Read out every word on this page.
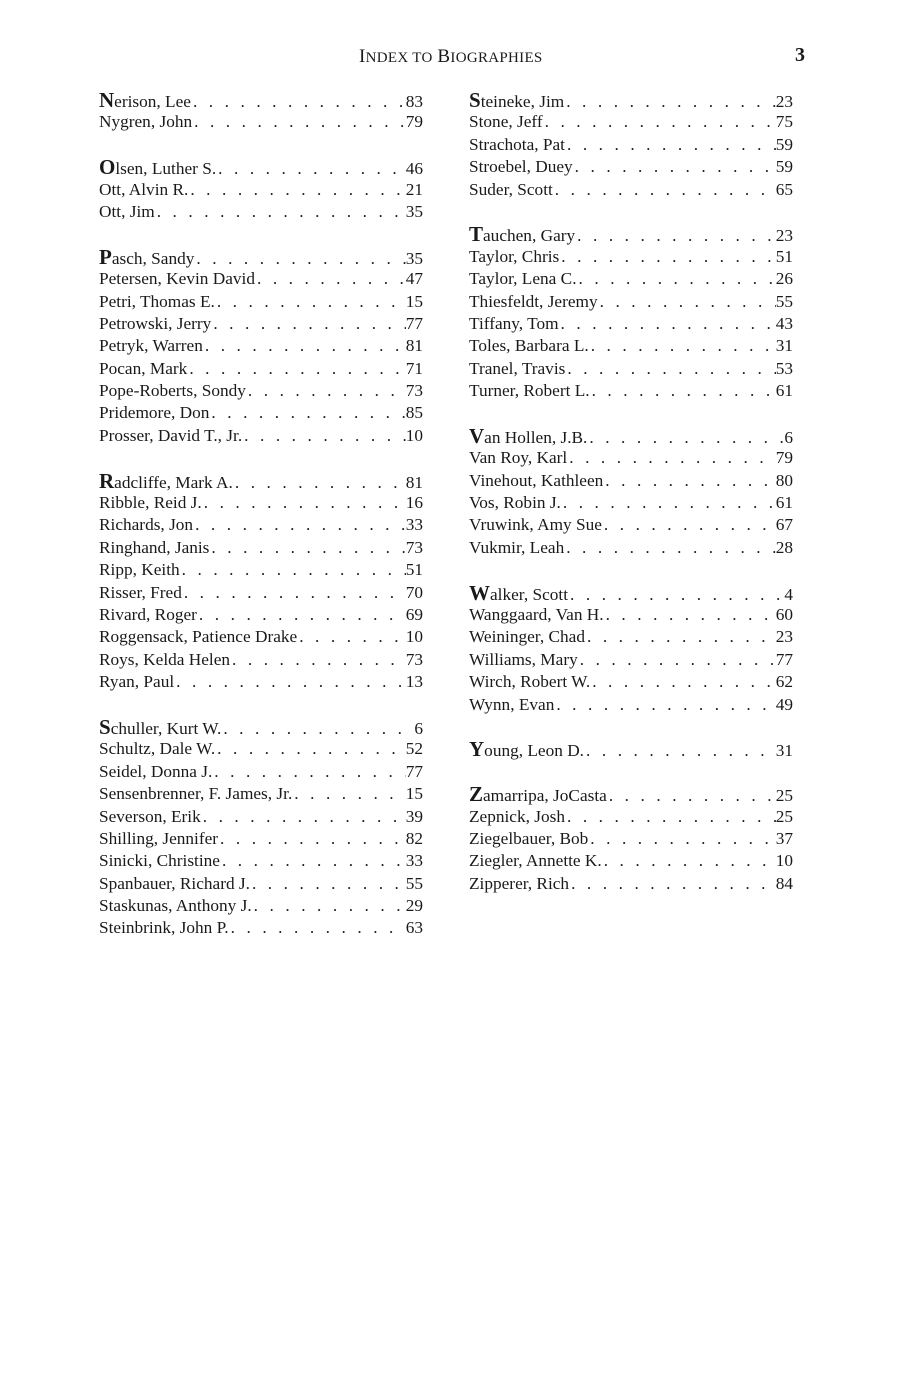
INDEX TO BIOGRAPHIES	3
Nerison, Lee . . .	83
Nygren, John . . .	79
Olsen, Luther S. . . .	46
Ott, Alvin R. . . .	21
Ott, Jim . . .	35
Pasch, Sandy . . .	35
Petersen, Kevin David . . .	47
Petri, Thomas E. . . .	15
Petrowski, Jerry . . .	77
Petryk, Warren . . .	81
Pocan, Mark . . .	71
Pope-Roberts, Sondy . . .	73
Pridemore, Don . . .	85
Prosser, David T., Jr. . . .	10
Radcliffe, Mark A. . . .	81
Ribble, Reid J. . . .	16
Richards, Jon . . .	33
Ringhand, Janis . . .	73
Ripp, Keith . . .	51
Risser, Fred . . .	70
Rivard, Roger . . .	69
Roggensack, Patience Drake . . .	10
Roys, Kelda Helen . . .	73
Ryan, Paul . . .	13
Schuller, Kurt W. . . .	6
Schultz, Dale W. . . .	52
Seidel, Donna J. . . .	77
Sensenbrenner, F. James, Jr. . . .	15
Severson, Erik . . .	39
Shilling, Jennifer . . .	82
Sinicki, Christine . . .	33
Spanbauer, Richard J. . . .	55
Staskunas, Anthony J. . . .	29
Steinbrink, John P. . . .	63
Steineke, Jim . . .	23
Stone, Jeff . . .	75
Strachota, Pat . . .	59
Stroebel, Duey . . .	59
Suder, Scott . . .	65
Tauchen, Gary . . .	23
Taylor, Chris . . .	51
Taylor, Lena C. . . .	26
Thiesfeldt, Jeremy . . .	55
Tiffany, Tom . . .	43
Toles, Barbara L. . . .	31
Tranel, Travis . . .	53
Turner, Robert L. . . .	61
Van Hollen, J.B. . . .	6
Van Roy, Karl . . .	79
Vinehout, Kathleen . . .	80
Vos, Robin J. . . .	61
Vruwink, Amy Sue . . .	67
Vukmir, Leah . . .	28
Walker, Scott . . .	4
Wanggaard, Van H. . . .	60
Weininger, Chad . . .	23
Williams, Mary . . .	77
Wirch, Robert W. . . .	62
Wynn, Evan . . .	49
Young, Leon D. . . .	31
Zamarripa, JoCasta . . .	25
Zepnick, Josh . . .	25
Ziegelbauer, Bob . . .	37
Ziegler, Annette K. . . .	10
Zipperer, Rich . . .	84
